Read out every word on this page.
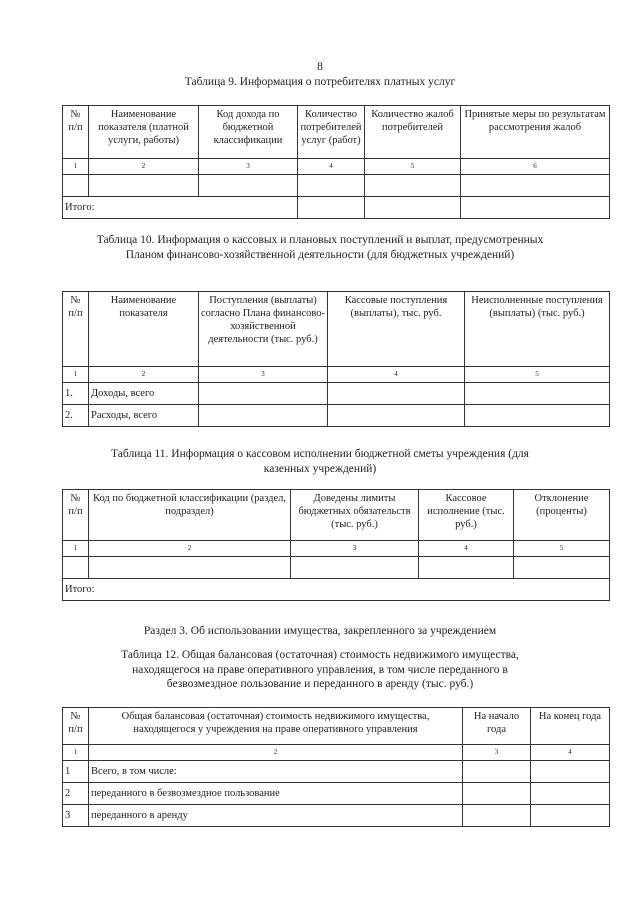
8
Таблица 9. Информация о потребителях платных услуг
№ п/п	Наименование показателя (платной услуги, работы)	Код дохода по бюджетной классификации	Количество потребителей услуг (работ)	Количество жалоб потребителей	Принятые меры по результатам рассмотрения жалоб
1	2	3	4	5	6

Итого:					
Таблица 10. Информация о кассовых и плановых поступлений и выплат, предусмотренных Планом финансово-хозяйственной деятельности (для бюджетных учреждений)
№ п/п	Наименование показателя	Поступления (выплаты) согласно Плана финансово-хозяйственной деятельности (тыс. руб.)	Кассовые поступления (выплаты), тыс. руб.	Неисполненные поступления (выплаты) (тыс. руб.)
1	2	3	4	5
1.	Доходы, всего			
2.	Расходы, всего			
Таблица 11. Информация о кассовом исполнении бюджетной сметы учреждения (для казенных учреждений)
№ п/п	Код по бюджетной классификации (раздел, подраздел)	Доведены лимиты бюджетных обязательств (тыс. руб.)	Кассовое исполнение (тыс. руб.)	Отклонение (проценты)
1	2	3	4	5

Итого:				
Раздел 3. Об использовании имущества, закрепленного за учреждением
Таблица 12. Общая балансовая (остаточная) стоимость недвижимого имущества, находящегося на праве оперативного управления, в том числе переданного в безвозмездное пользование и переданного в аренду (тыс. руб.)
№ п/п	Общая балансовая (остаточная) стоимость недвижимого имущества, находящегося у учреждения на праве оперативного управления	На начало года	На конец года
1	2	3	4
1	Всего, в том числе:		
2	переданного в безвозмездное пользование		
3	переданного в аренду		
